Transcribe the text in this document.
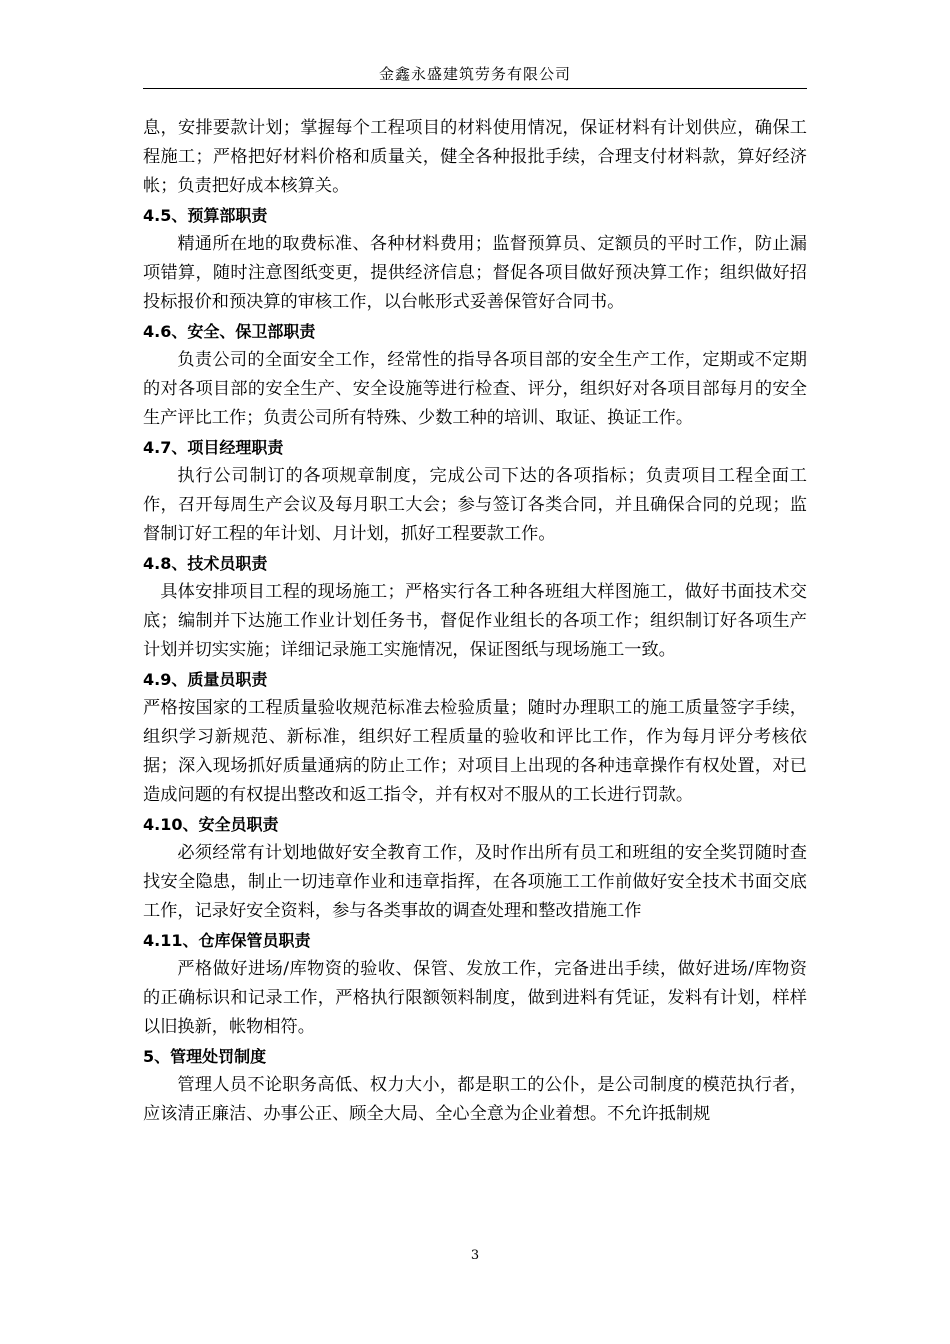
金鑫永盛建筑劳务有限公司

息，安排要款计划；掌握每个工程项目的材料使用情况，保证材料有计划供应，确保工程施工；严格把好材料价格和质量关，健全各种报批手续，合理支付材料款，算好经济帐；负责把好成本核算关。

4.5、预算部职责

精通所在地的取费标准、各种材料费用；监督预算员、定额员的平时工作，防止漏项错算，随时注意图纸变更，提供经济信息；督促各项目做好预决算工作；组织做好招投标报价和预决算的审核工作，以台帐形式妥善保管好合同书。

4.6、安全、保卫部职责

负责公司的全面安全工作，经常性的指导各项目部的安全生产工作，定期或不定期的对各项目部的安全生产、安全设施等进行检查、评分，组织好对各项目部每月的安全生产评比工作；负责公司所有特殊、少数工种的培训、取证、换证工作。

4.7、项目经理职责

执行公司制订的各项规章制度，完成公司下达的各项指标；负责项目工程全面工作，召开每周生产会议及每月职工大会；参与签订各类合同，并且确保合同的兑现；监督制订好工程的年计划、月计划，抓好工程要款工作。

4.8、技术员职责

具体安排项目工程的现场施工；严格实行各工种各班组大样图施工，做好书面技术交底；编制并下达施工作业计划任务书，督促作业组长的各项工作；组织制订好各项生产计划并切实实施；详细记录施工实施情况，保证图纸与现场施工一致。

4.9、质量员职责

严格按国家的工程质量验收规范标准去检验质量；随时办理职工的施工质量签字手续，组织学习新规范、新标准，组织好工程质量的验收和评比工作，作为每月评分考核依据；深入现场抓好质量通病的防止工作；对项目上出现的各种违章操作有权处置，对已造成问题的有权提出整改和返工指令，并有权对不服从的工长进行罚款。

4.10、安全员职责

必须经常有计划地做好安全教育工作，及时作出所有员工和班组的安全奖罚随时查找安全隐患，制止一切违章作业和违章指挥，在各项施工工作前做好安全技术书面交底工作，记录好安全资料，参与各类事故的调查处理和整改措施工作

4.11、仓库保管员职责

严格做好进场/库物资的验收、保管、发放工作，完备进出手续，做好进场/库物资的正确标识和记录工作，严格执行限额领料制度，做到进料有凭证，发料有计划，样样以旧换新，帐物相符。

5、管理处罚制度

管理人员不论职务高低、权力大小，都是职工的公仆，是公司制度的模范执行者，应该清正廉洁、办事公正、顾全大局、全心全意为企业着想。不允许抵制规

3
